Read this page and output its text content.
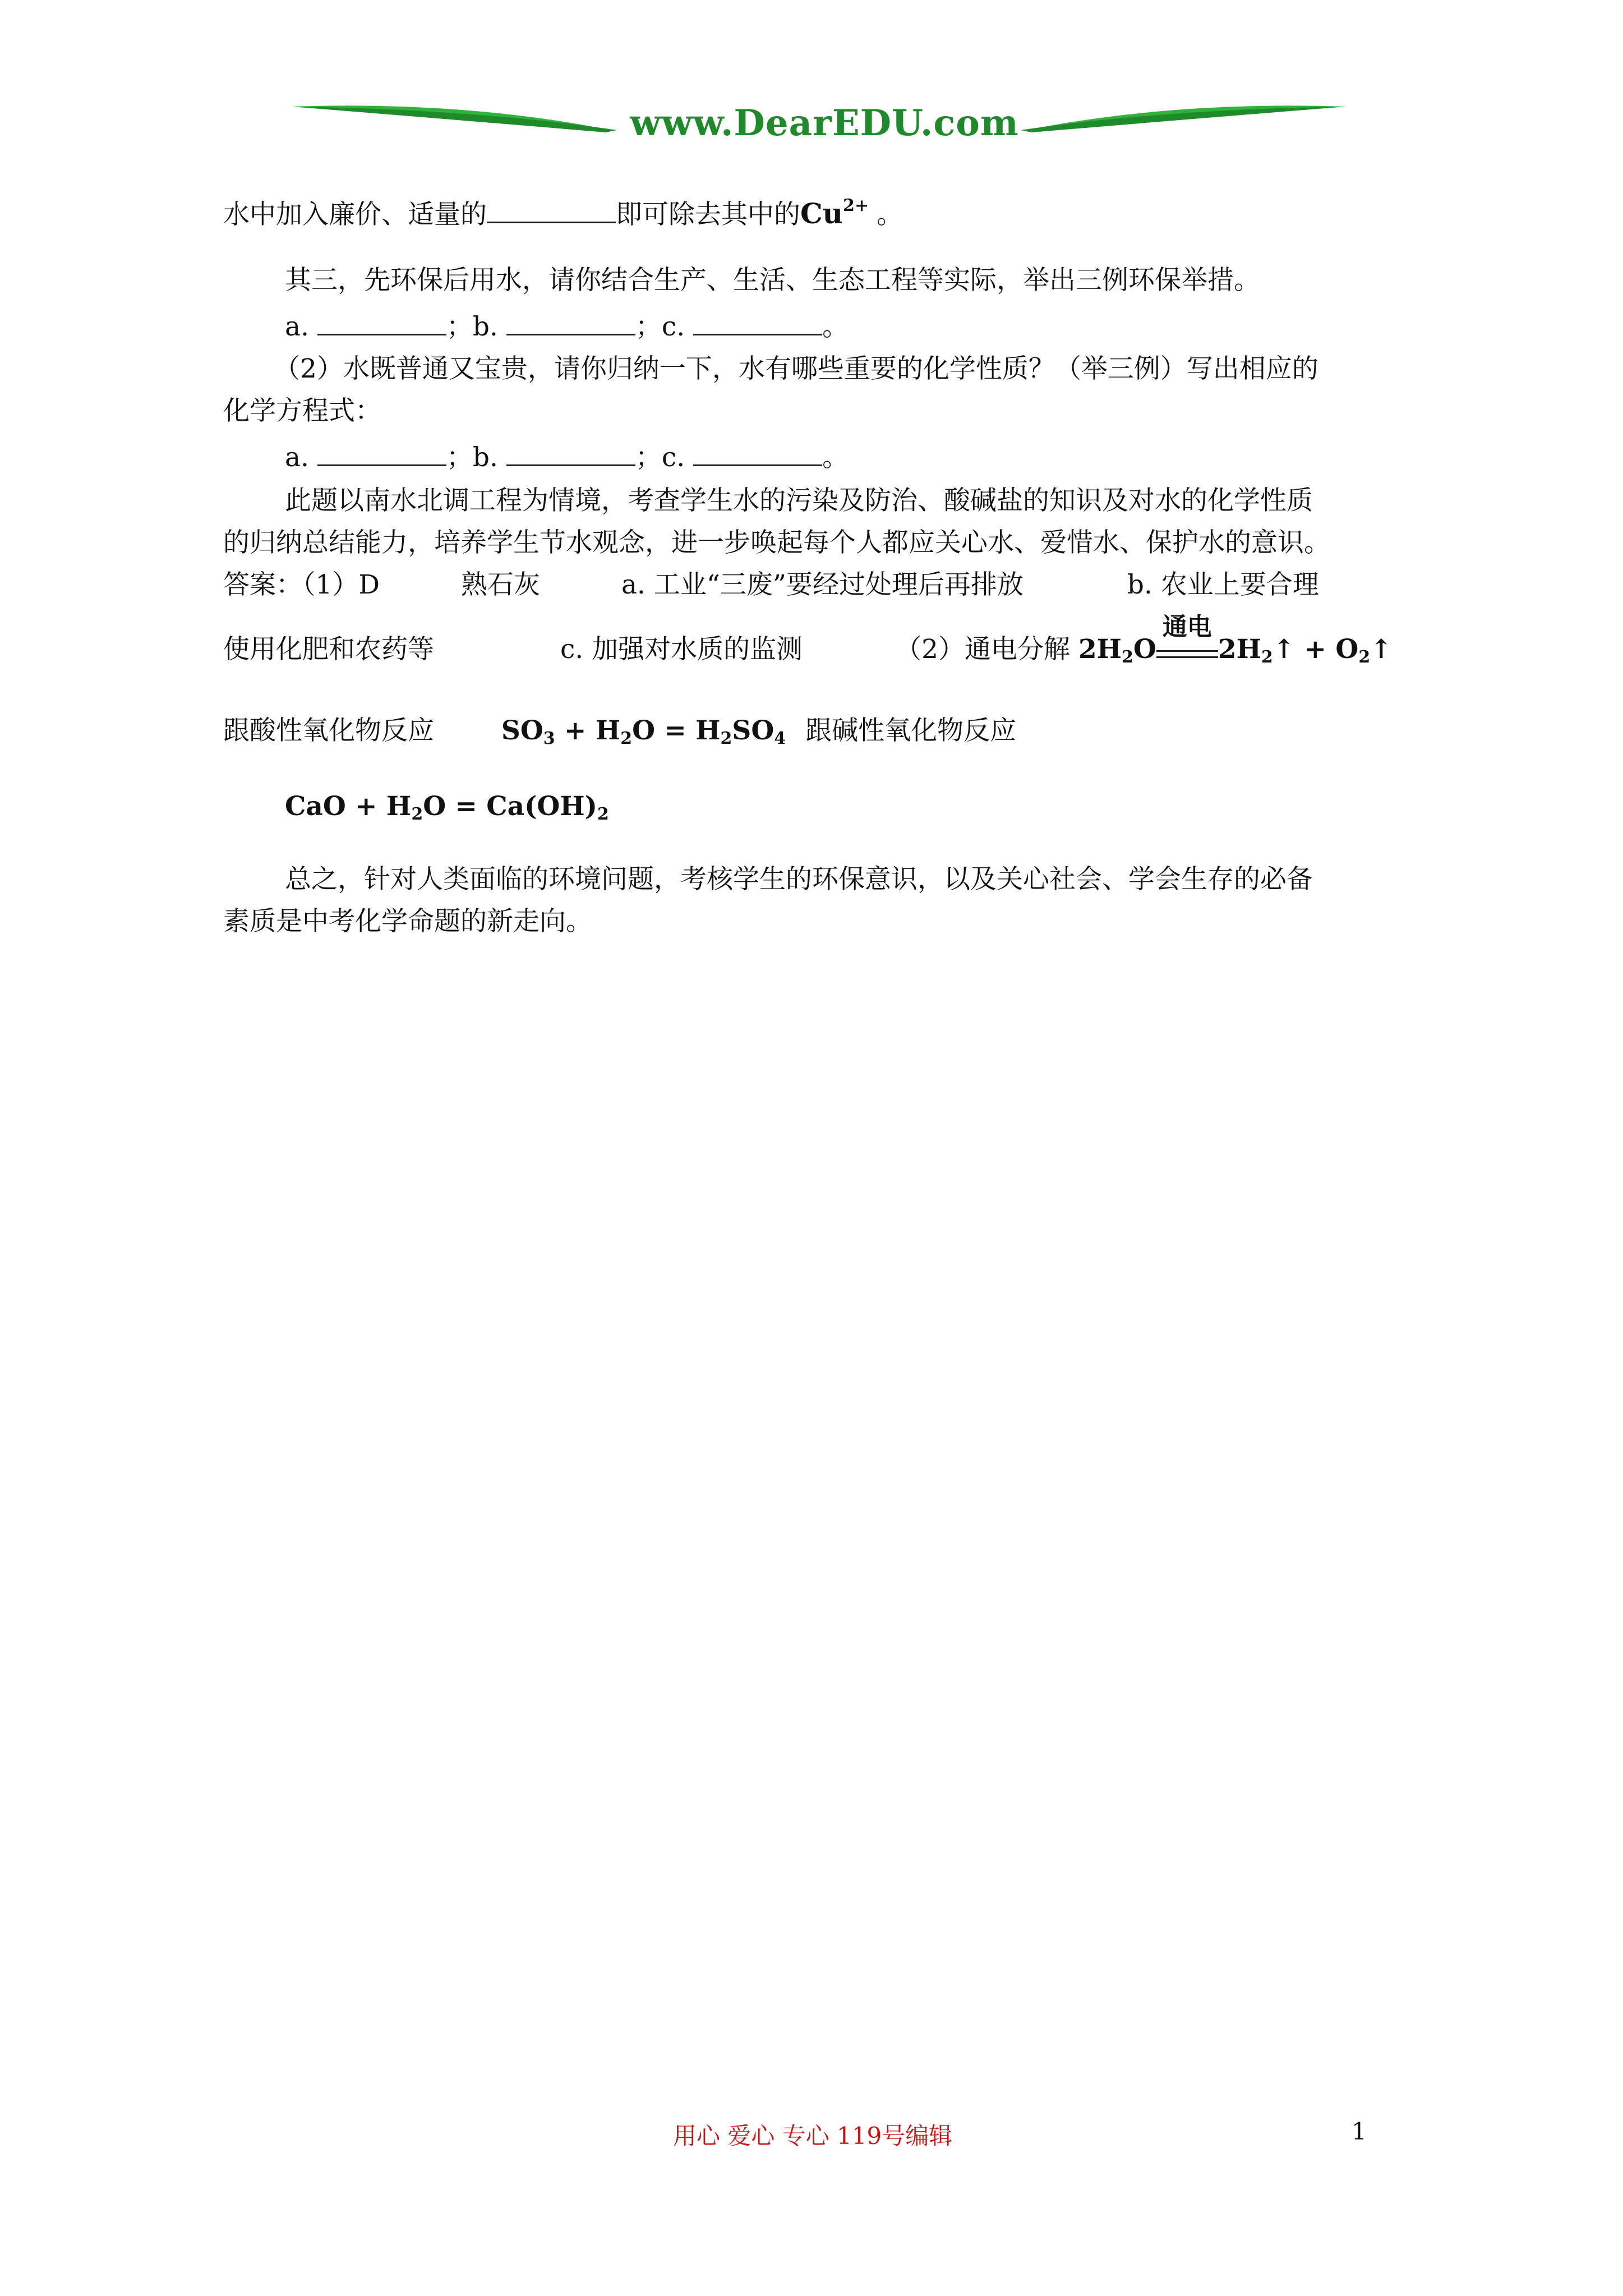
www.DearEDU.com
水中加入廉价、适量的	即可除去其中的$Cu^{2+}$ 。
其三，先环保后用水，请你结合生产、生活、生态工程等实际，举出三例环保举措。
a.	；b.	；c.	。
（2）水既普通又宝贵，请你归纳一下，水有哪些重要的化学性质？（举三例）写出相应的
化学方程式：
a.	；b.	；c.	。
此题以南水北调工程为情境，考查学生水的污染及防治、酸碱盐的知识及对水的化学性质
的归纳总结能力，培养学生节水观念，进一步唤起每个人都应关心水、爱惜水、保护水的意识。
答案：（1）D	熟石灰	a. 工业“三废”要经过处理后再排放	b. 农业上要合理
使用化肥和农药等	c. 加强对水质的监测	（2）通电分解 $2H_2O$
通电
$2H_2↑$ + $O_2↑$
跟酸性氧化物反应	$SO_3 + H_2O = H_2SO_4$ 跟碱性氧化物反应
CaO + $H_2O = Ca(OH)_2$
总之，针对人类面临的环境问题，考核学生的环保意识，以及关心社会、学会生存的必备
素质是中考化学命题的新走向。
用心 爱心 专心 119号编辑	1
